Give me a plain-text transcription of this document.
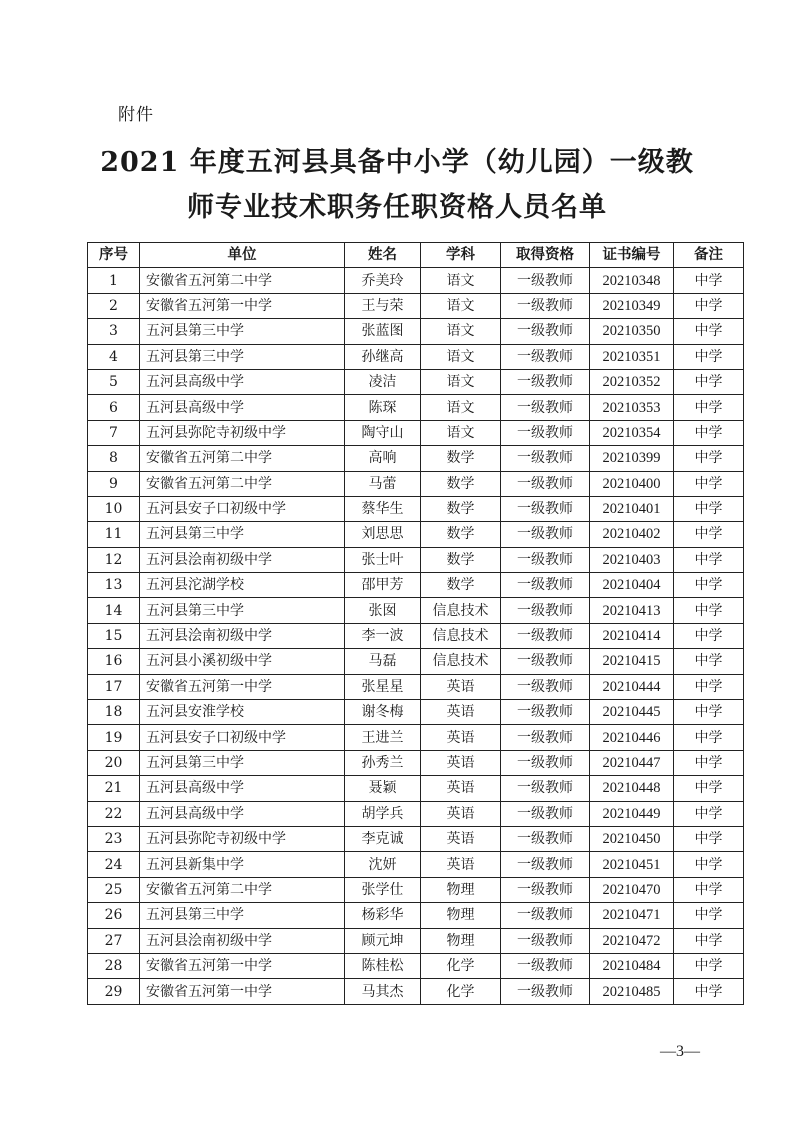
附件
2021 年度五河县具备中小学（幼儿园）一级教
师专业技术职务任职资格人员名单
序号	单位	姓名	学科	取得资格	证书编号	备注
1	安徽省五河第二中学	乔美玲	语文	一级教师	20210348	中学
2	安徽省五河第一中学	王与荣	语文	一级教师	20210349	中学
3	五河县第三中学	张蓝图	语文	一级教师	20210350	中学
4	五河县第三中学	孙继高	语文	一级教师	20210351	中学
5	五河县高级中学	凌洁	语文	一级教师	20210352	中学
6	五河县高级中学	陈琛	语文	一级教师	20210353	中学
7	五河县弥陀寺初级中学	陶守山	语文	一级教师	20210354	中学
8	安徽省五河第二中学	高响	数学	一级教师	20210399	中学
9	安徽省五河第二中学	马蕾	数学	一级教师	20210400	中学
10	五河县安子口初级中学	蔡华生	数学	一级教师	20210401	中学
11	五河县第三中学	刘思思	数学	一级教师	20210402	中学
12	五河县浍南初级中学	张士叶	数学	一级教师	20210403	中学
13	五河县沱湖学校	邵甲芳	数学	一级教师	20210404	中学
14	五河县第三中学	张囡	信息技术	一级教师	20210413	中学
15	五河县浍南初级中学	李一波	信息技术	一级教师	20210414	中学
16	五河县小溪初级中学	马磊	信息技术	一级教师	20210415	中学
17	安徽省五河第一中学	张星星	英语	一级教师	20210444	中学
18	五河县安淮学校	谢冬梅	英语	一级教师	20210445	中学
19	五河县安子口初级中学	王进兰	英语	一级教师	20210446	中学
20	五河县第三中学	孙秀兰	英语	一级教师	20210447	中学
21	五河县高级中学	聂颖	英语	一级教师	20210448	中学
22	五河县高级中学	胡学兵	英语	一级教师	20210449	中学
23	五河县弥陀寺初级中学	李克诚	英语	一级教师	20210450	中学
24	五河县新集中学	沈妍	英语	一级教师	20210451	中学
25	安徽省五河第二中学	张学仕	物理	一级教师	20210470	中学
26	五河县第三中学	杨彩华	物理	一级教师	20210471	中学
27	五河县浍南初级中学	顾元坤	物理	一级教师	20210472	中学
28	安徽省五河第一中学	陈桂松	化学	一级教师	20210484	中学
29	安徽省五河第一中学	马其杰	化学	一级教师	20210485	中学
—3—
